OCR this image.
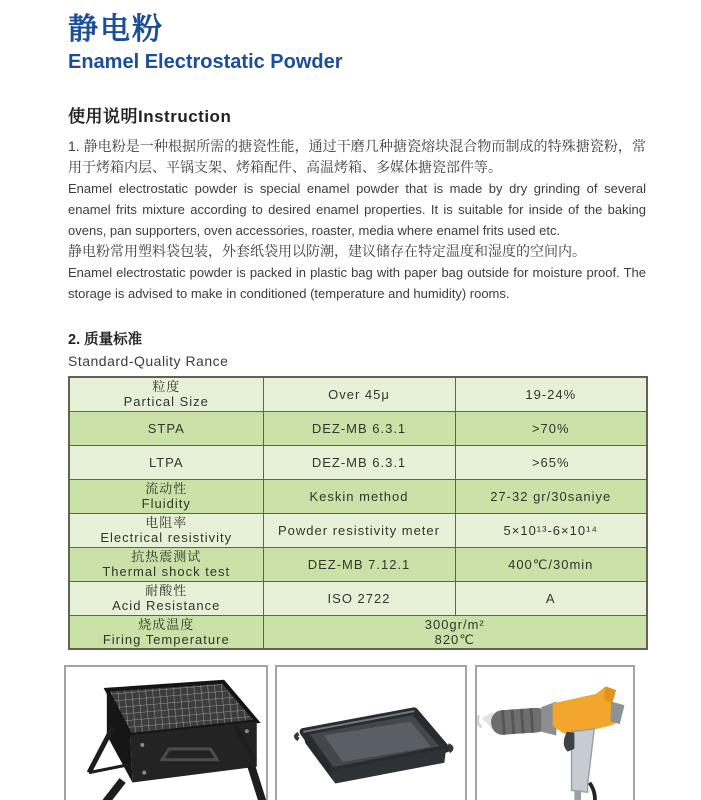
静电粉
Enamel Electrostatic Powder
使用说明Instruction

1. 静电粉是一种根据所需的搪瓷性能，通过干磨几种搪瓷熔块混合物而制成的特殊搪瓷粉，常用于烤箱内层、平锅支架、烤箱配件、高温烤箱、多媒体搪瓷部件等。

Enamel electrostatic powder is special enamel powder that is made by dry grinding of several enamel frits mixture according to desired enamel properties. It is suitable for inside of the baking ovens, pan supporters, oven accessories, roaster, media where enamel frits used etc.

静电粉常用塑料袋包装，外套纸袋用以防潮，建议储存在特定温度和湿度的空间内。

Enamel electrostatic powder is packed in plastic bag with paper bag outside for moisture proof. The storage is advised to make in conditioned (temperature and humidity) rooms.

2. 质量标准
Standard-Quality Rance
粒度
Partical Size	Over 45μ	19-24%

STPA	DEZ-MB 6.3.1	>70%

LTPA	DEZ-MB 6.3.1	>65%

流动性
Fluidity	Keskin method	27-32 gr/30saniye

电阻率
Electrical resistivity	Powder resistivity meter	5×10¹³-6×10¹⁴

抗热震测试
Thermal shock test	DEZ-MB 7.12.1	400℃/30min

耐酸性
Acid Resistance	ISO 2722	A

烧成温度
Firing Temperature	300gr/m²
820℃	
